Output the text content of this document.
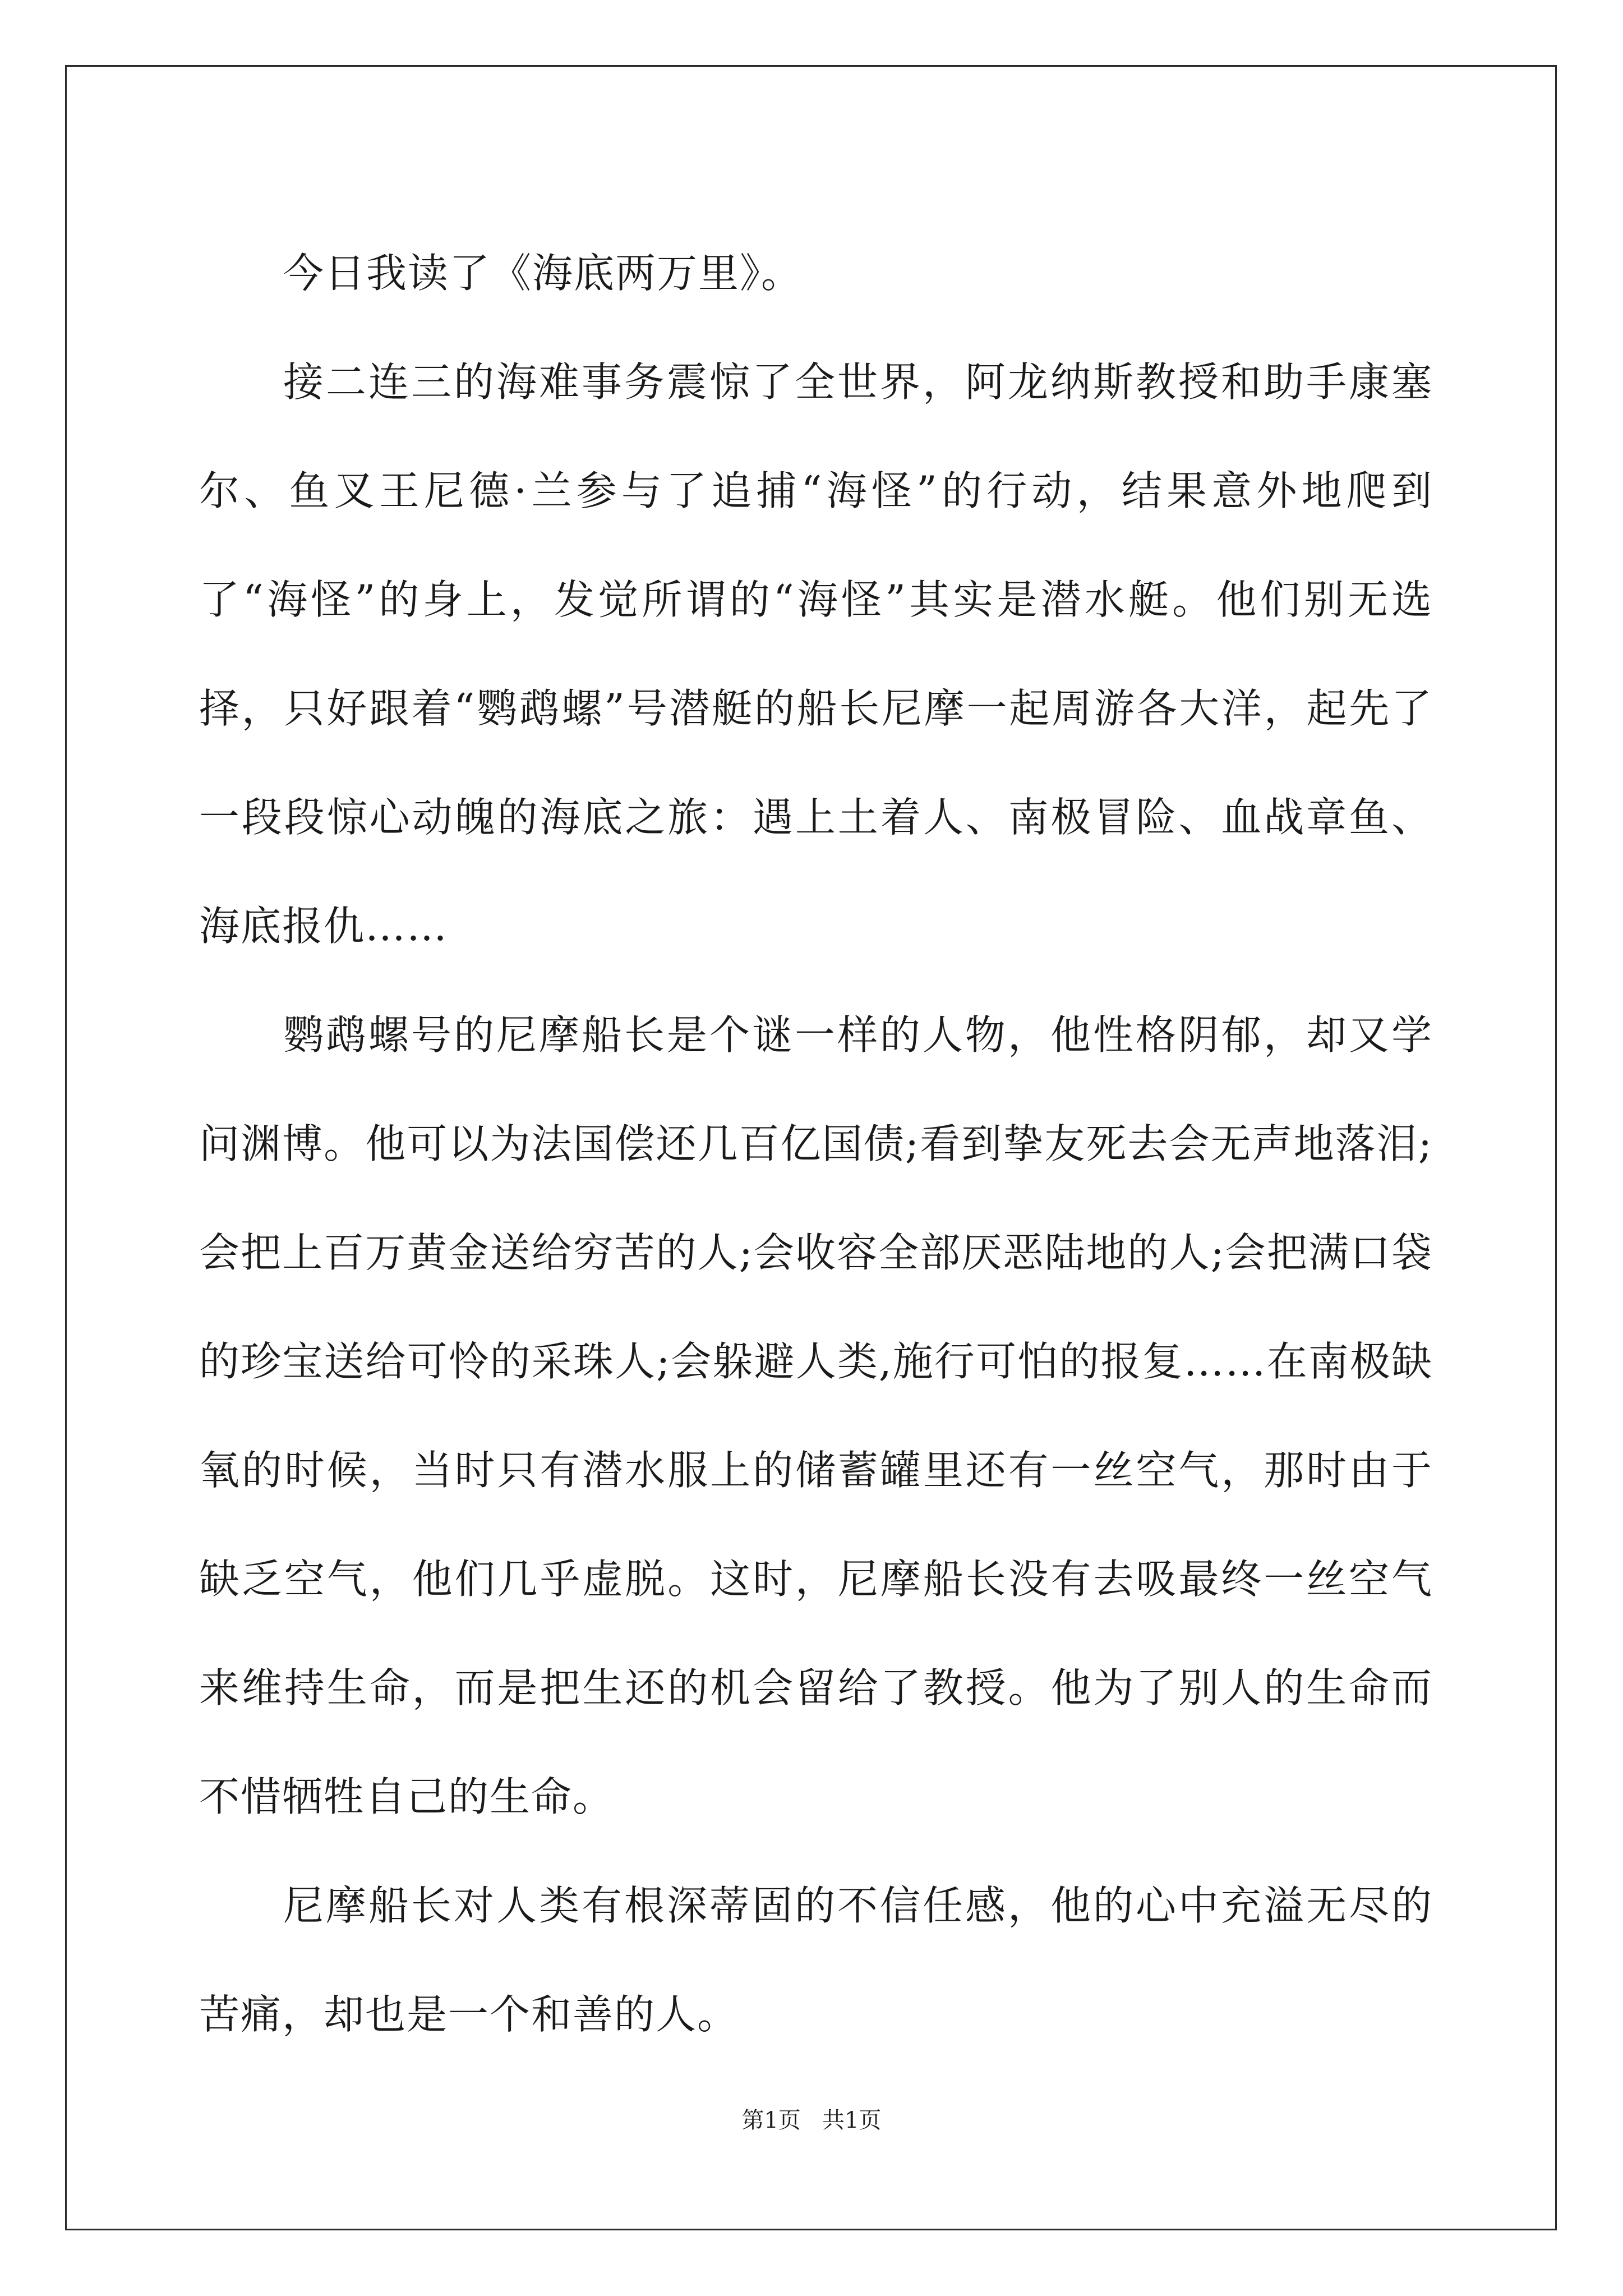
今日我读了《海底两万里》。

接二连三的海难事务震惊了全世界，阿龙纳斯教授和助手康塞尔、鱼叉王尼德·兰参与了追捕“海怪”的行动，结果意外地爬到了“海怪”的身上，发觉所谓的“海怪”其实是潜水艇。他们别无选择，只好跟着“鹦鹉螺”号潜艇的船长尼摩一起周游各大洋，起先了一段段惊心动魄的海底之旅：遇上土着人、南极冒险、血战章鱼、海底报仇……

鹦鹉螺号的尼摩船长是个谜一样的人物，他性格阴郁，却又学问渊博。他可以为法国偿还几百亿国债;看到挚友死去会无声地落泪;会把上百万黄金送给穷苦的人;会收容全部厌恶陆地的人;会把满口袋的珍宝送给可怜的采珠人;会躲避人类,施行可怕的报复……在南极缺氧的时候，当时只有潜水服上的储蓄罐里还有一丝空气，那时由于缺乏空气，他们几乎虚脱。这时，尼摩船长没有去吸最终一丝空气来维持生命，而是把生还的机会留给了教授。他为了别人的生命而不惜牺牲自己的生命。

尼摩船长对人类有根深蒂固的不信任感，他的心中充溢无尽的苦痛，却也是一个和善的人。

第1页   共1页
